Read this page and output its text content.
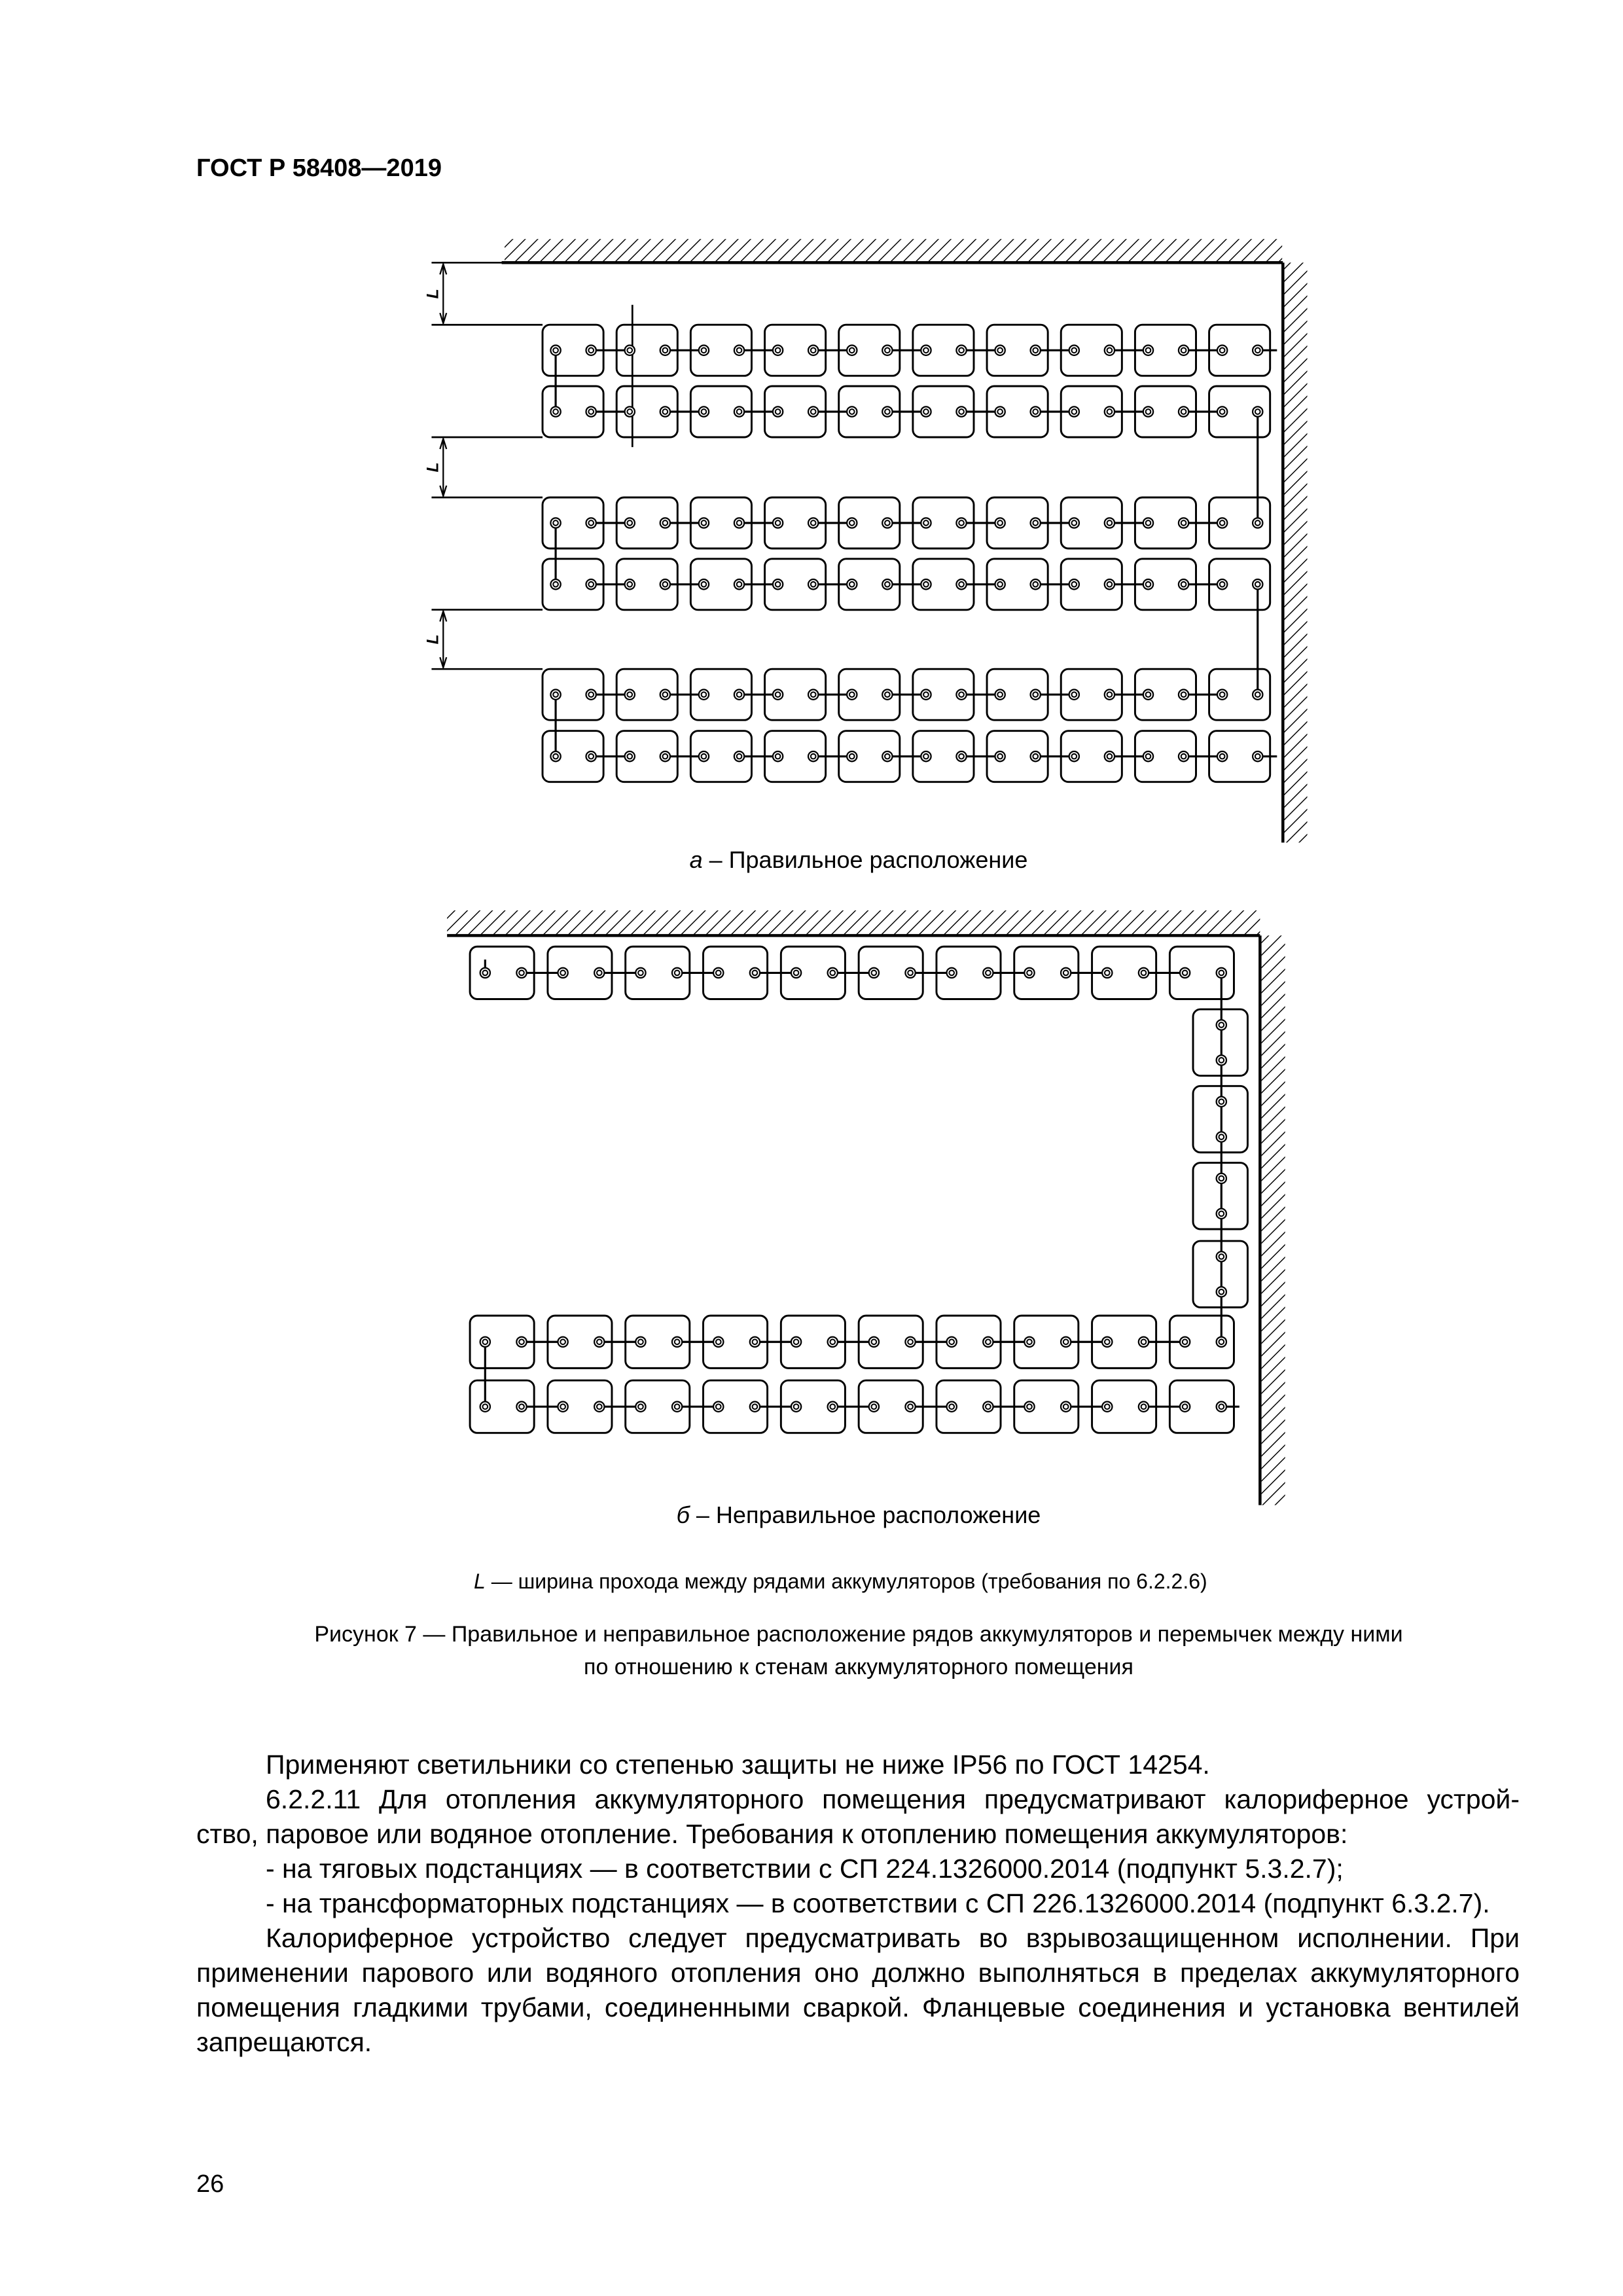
ГОСТ Р 58408—2019
L
L
L
а – Правильное расположение
б – Неправильное расположение
L — ширина прохода между рядами аккумуляторов (требования по 6.2.2.6)
Рисунок 7 — Правильное и неправильное расположение рядов аккумуляторов и перемычек между ними
по отношению к стенам аккумуляторного помещения
Применяют светильники со степенью защиты не ниже IP56 по ГОСТ 14254.
6.2.2.11 Для отопления аккумуляторного помещения предусматривают калориферное устрой-
ство, паровое или водяное отопление. Требования к отоплению помещения аккумуляторов:
- на тяговых подстанциях — в соответствии с СП 224.1326000.2014 (подпункт 5.3.2.7);
- на трансформаторных подстанциях — в соответствии с СП 226.1326000.2014 (подпункт 6.3.2.7).
Калориферное устройство следует предусматривать во взрывозащищенном исполнении. При
применении парового или водяного отопления оно должно выполняться в пределах аккумуляторного
помещения гладкими трубами, соединенными сваркой. Фланцевые соединения и установка вентилей
запрещаются.
26
